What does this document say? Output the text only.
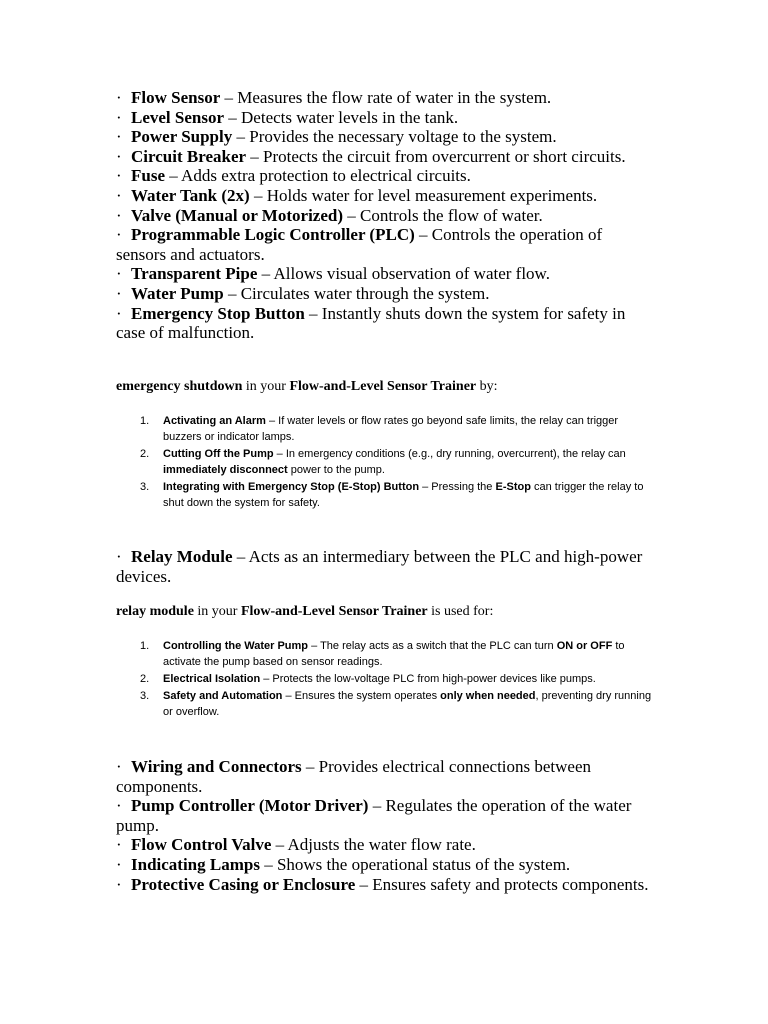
· Flow Sensor – Measures the flow rate of water in the system.
· Level Sensor – Detects water levels in the tank.
· Power Supply – Provides the necessary voltage to the system.
· Circuit Breaker – Protects the circuit from overcurrent or short circuits.
· Fuse – Adds extra protection to electrical circuits.
· Water Tank (2x) – Holds water for level measurement experiments.
· Valve (Manual or Motorized) – Controls the flow of water.
· Programmable Logic Controller (PLC) – Controls the operation of sensors and actuators.
· Transparent Pipe – Allows visual observation of water flow.
· Water Pump – Circulates water through the system.
· Emergency Stop Button – Instantly shuts down the system for safety in case of malfunction.

emergency shutdown in your Flow-and-Level Sensor Trainer by:

1. Activating an Alarm – If water levels or flow rates go beyond safe limits, the relay can trigger buzzers or indicator lamps.
2. Cutting Off the Pump – In emergency conditions (e.g., dry running, overcurrent), the relay can immediately disconnect power to the pump.
3. Integrating with Emergency Stop (E-Stop) Button – Pressing the E-Stop can trigger the relay to shut down the system for safety.
· Relay Module – Acts as an intermediary between the PLC and high-power devices.

relay module in your Flow-and-Level Sensor Trainer is used for:

1. Controlling the Water Pump – The relay acts as a switch that the PLC can turn ON or OFF to activate the pump based on sensor readings.
2. Electrical Isolation – Protects the low-voltage PLC from high-power devices like pumps.
3. Safety and Automation – Ensures the system operates only when needed, preventing dry running or overflow.
· Wiring and Connectors – Provides electrical connections between components.
· Pump Controller (Motor Driver) – Regulates the operation of the water pump.
· Flow Control Valve – Adjusts the water flow rate.
· Indicating Lamps – Shows the operational status of the system.
· Protective Casing or Enclosure – Ensures safety and protects components.
